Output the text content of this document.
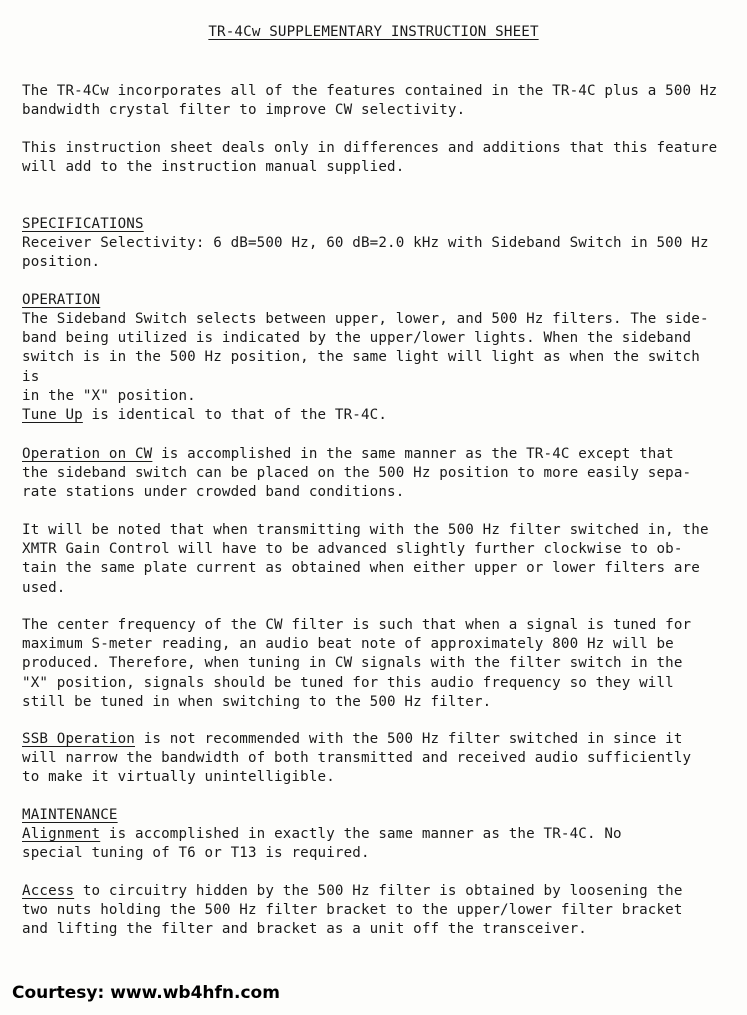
TR-4Cw SUPPLEMENTARY INSTRUCTION SHEET

The TR-4Cw incorporates all of the features contained in the TR-4C plus a 500 Hz
bandwidth crystal filter to improve CW selectivity.

This instruction sheet deals only in differences and additions that this feature
will add to the instruction manual supplied.

SPECIFICATIONS

Receiver Selectivity: 6 dB=500 Hz, 60 dB=2.0 kHz with Sideband Switch in 500 Hz
position.

OPERATION

The Sideband Switch selects between upper, lower, and 500 Hz filters. The side-
band being utilized is indicated by the upper/lower lights. When the sideband
switch is in the 500 Hz position, the same light will light as when the switch is
in the "X" position.

Tune Up is identical to that of the TR-4C.

Operation on CW is accomplished in the same manner as the TR-4C except that
the sideband switch can be placed on the 500 Hz position to more easily sepa-
rate stations under crowded band conditions.

It will be noted that when transmitting with the 500 Hz filter switched in, the
XMTR Gain Control will have to be advanced slightly further clockwise to ob-
tain the same plate current as obtained when either upper or lower filters are
used.

The center frequency of the CW filter is such that when a signal is tuned for
maximum S-meter reading, an audio beat note of approximately 800 Hz will be
produced. Therefore, when tuning in CW signals with the filter switch in the
"X" position, signals should be tuned for this audio frequency so they will
still be tuned in when switching to the 500 Hz filter.

SSB Operation is not recommended with the 500 Hz filter switched in since it
will narrow the bandwidth of both transmitted and received audio sufficiently
to make it virtually unintelligible.

MAINTENANCE

Alignment is accomplished in exactly the same manner as the TR-4C. No
special tuning of T6 or T13 is required.

Access to circuitry hidden by the 500 Hz filter is obtained by loosening the
two nuts holding the 500 Hz filter bracket to the upper/lower filter bracket
and lifting the filter and bracket as a unit off the transceiver.

Courtesy: www.wb4hfn.com
